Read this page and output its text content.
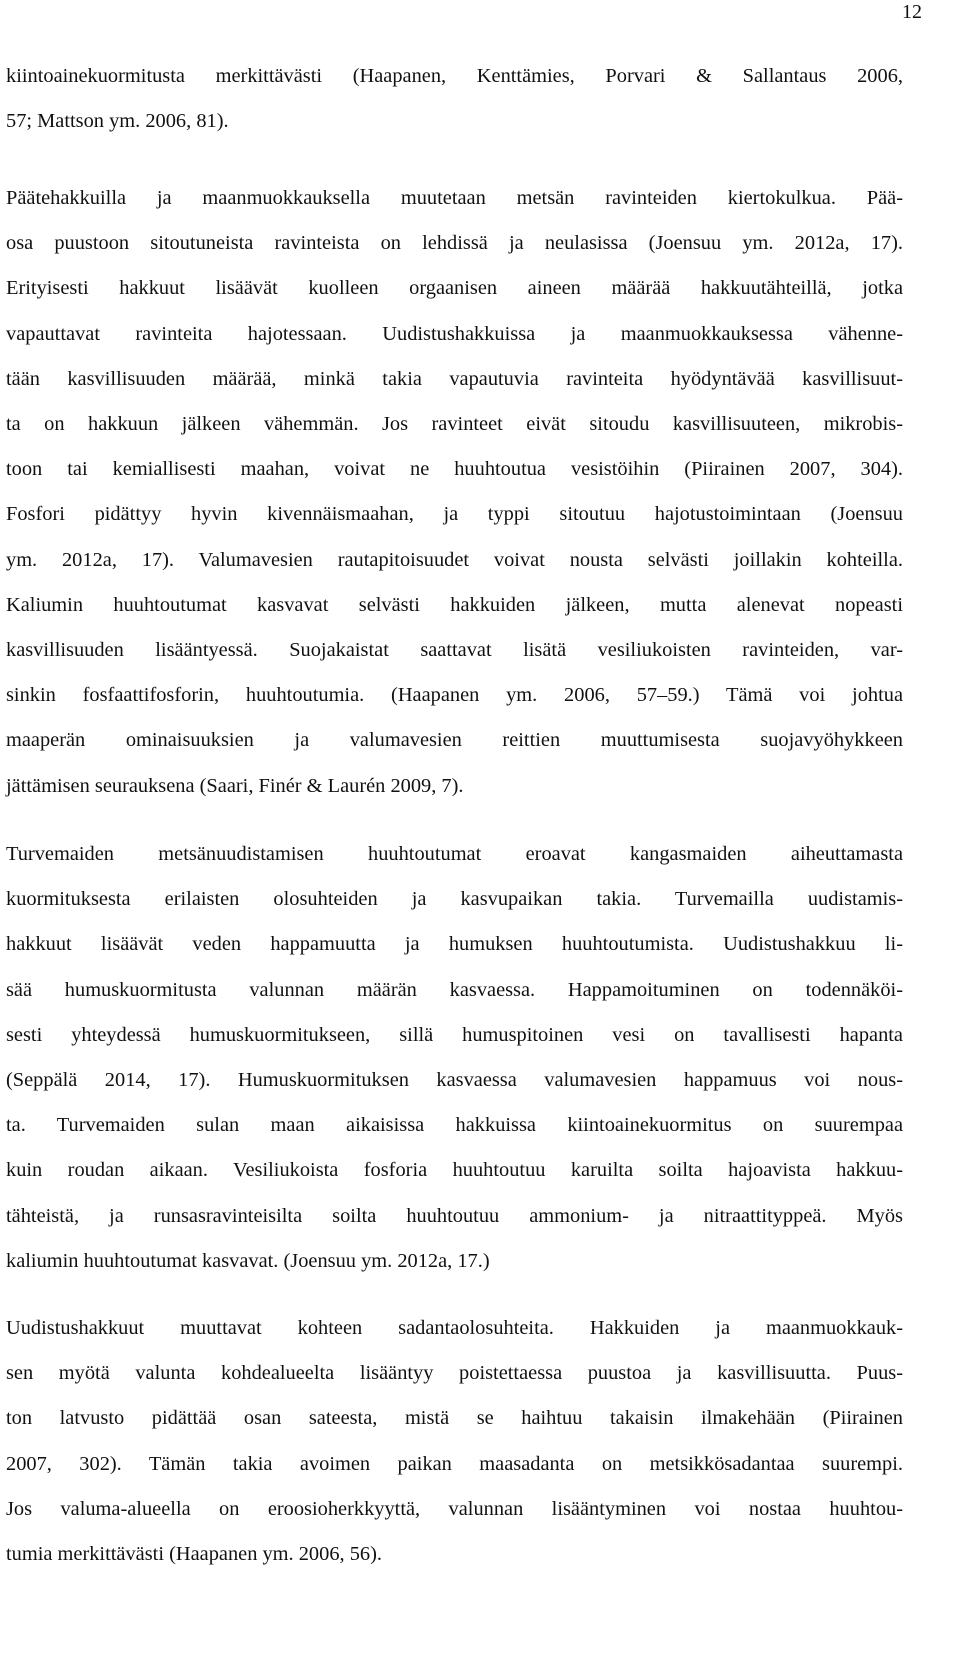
12

kiintoainekuormitusta merkittävästi (Haapanen, Kenttämies, Porvari & Sallantaus 2006,
57; Mattson ym. 2006, 81).

Päätehakkuilla ja maanmuokkauksella muutetaan metsän ravinteiden kiertokulkua. Pää-
osa puustoon sitoutuneista ravinteista on lehdissä ja neulasissa (Joensuu ym. 2012a, 17).
Erityisesti hakkuut lisäävät kuolleen orgaanisen aineen määrää hakkuutähteillä, jotka
vapauttavat ravinteita hajotessaan. Uudistushakkuissa ja maanmuokkauksessa vähenne-
tään kasvillisuuden määrää, minkä takia vapautuvia ravinteita hyödyntävää kasvillisuut-
ta on hakkuun jälkeen vähemmän. Jos ravinteet eivät sitoudu kasvillisuuteen, mikrobis-
toon tai kemiallisesti maahan, voivat ne huuhtoutua vesistöihin (Piirainen 2007, 304).
Fosfori pidättyy hyvin kivennäismaahan, ja typpi sitoutuu hajotustoimintaan (Joensuu
ym. 2012a, 17). Valumavesien rautapitoisuudet voivat nousta selvästi joillakin kohteilla.
Kaliumin huuhtoutumat kasvavat selvästi hakkuiden jälkeen, mutta alenevat nopeasti
kasvillisuuden lisääntyessä. Suojakaistat saattavat lisätä vesiliukoisten ravinteiden, var-
sinkin fosfaattifosforin, huuhtoutumia. (Haapanen ym. 2006, 57–59.) Tämä voi johtua
maaperän ominaisuuksien ja valumavesien reittien muuttumisesta suojavyöhykkeen
jättämisen seurauksena (Saari, Finér & Laurén 2009, 7).

Turvemaiden metsänuudistamisen huuhtoutumat eroavat kangasmaiden aiheuttamasta
kuormituksesta erilaisten olosuhteiden ja kasvupaikan takia. Turvemailla uudistamis-
hakkuut lisäävät veden happamuutta ja humuksen huuhtoutumista. Uudistushakkuu li-
sää humuskuormitusta valunnan määrän kasvaessa. Happamoituminen on todennäköi-
sesti yhteydessä humuskuormitukseen, sillä humuspitoinen vesi on tavallisesti hapanta
(Seppälä 2014, 17). Humuskuormituksen kasvaessa valumavesien happamuus voi nous-
ta. Turvemaiden sulan maan aikaisissa hakkuissa kiintoainekuormitus on suurempaa
kuin roudan aikaan. Vesiliukoista fosforia huuhtoutuu karuilta soilta hajoavista hakkuu-
tähteistä, ja runsasravinteisilta soilta huuhtoutuu ammonium- ja nitraattityppeä. Myös
kaliumin huuhtoutumat kasvavat. (Joensuu ym. 2012a, 17.)

Uudistushakkuut muuttavat kohteen sadantaolosuhteita. Hakkuiden ja maanmuokkauk-
sen myötä valunta kohdealueelta lisääntyy poistettaessa puustoa ja kasvillisuutta. Puus-
ton latvusto pidättää osan sateesta, mistä se haihtuu takaisin ilmakehään (Piirainen
2007, 302). Tämän takia avoimen paikan maasadanta on metsikkösadantaa suurempi.
Jos valuma-alueella on eroosioherkkyyttä, valunnan lisääntyminen voi nostaa huuhtou-
tumia merkittävästi (Haapanen ym. 2006, 56).
